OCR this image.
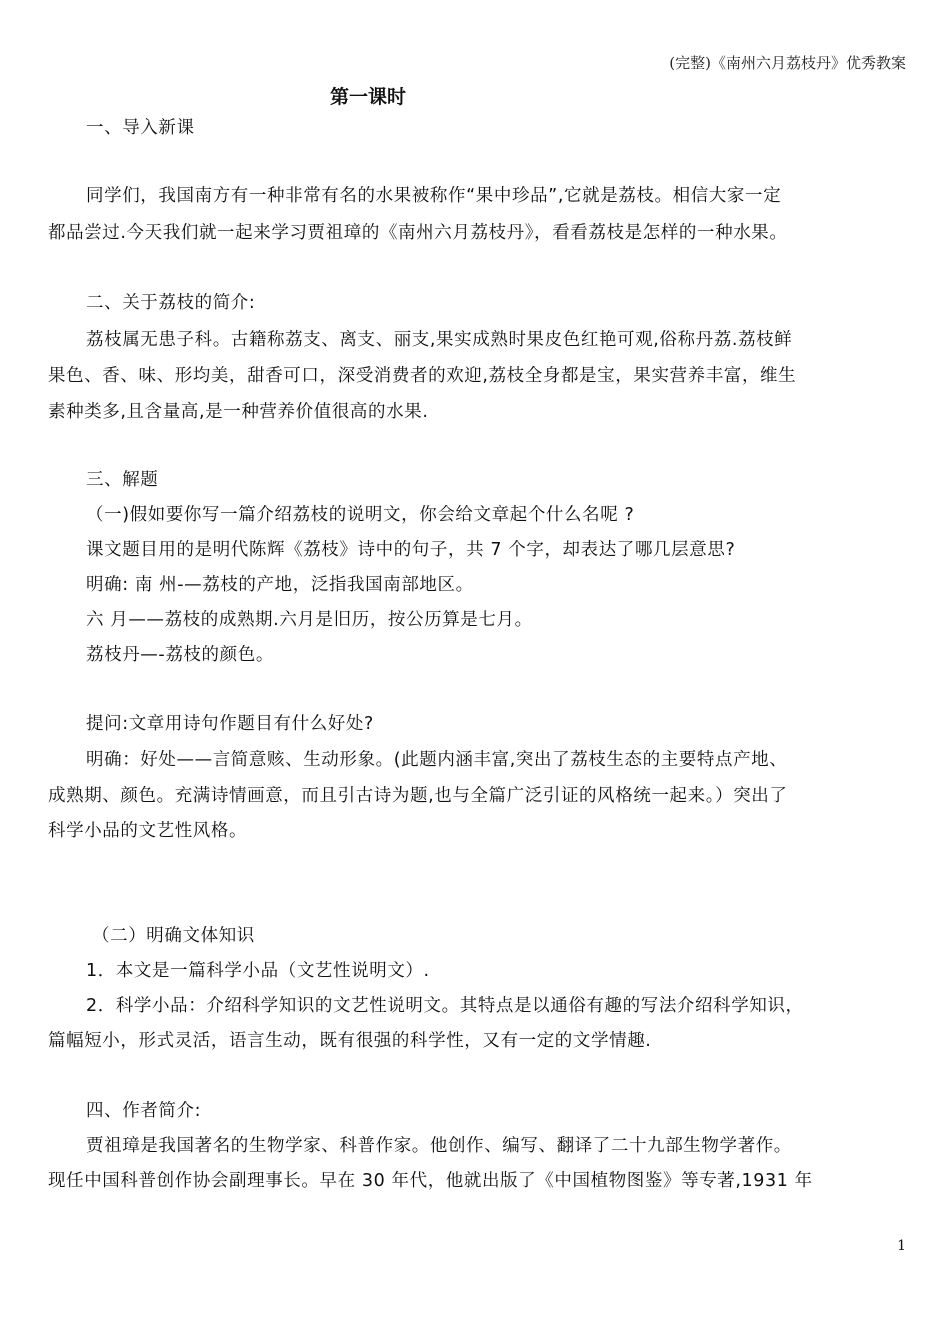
(完整)《南州六月荔枝丹》优秀教案
第一课时
一、导入新课
同学们，我国南方有一种非常有名的水果被称作“果中珍品”,它就是荔枝。相信大家一定
都品尝过.今天我们就一起来学习贾祖璋的《南州六月荔枝丹》，看看荔枝是怎样的一种水果。
二、关于荔枝的简介:
荔枝属无患子科。古籍称荔支、离支、丽支,果实成熟时果皮色红艳可观,俗称丹荔.荔枝鲜
果色、香、味、形均美，甜香可口，深受消费者的欢迎,荔枝全身都是宝，果实营养丰富，维生
素种类多,且含量高,是一种营养价值很高的水果.
三、解题
（一)假如要你写一篇介绍荔枝的说明文，你会给文章起个什么名呢 ?
课文题目用的是明代陈辉《荔枝》诗中的句子，共 7 个字，却表达了哪几层意思?
明确: 南 州-—荔枝的产地，泛指我国南部地区。
六 月——荔枝的成熟期.六月是旧历，按公历算是七月。
荔枝丹—-荔枝的颜色。
提问:文章用诗句作题目有什么好处?
明确：好处——言简意赅、生动形象。(此题内涵丰富,突出了荔枝生态的主要特点产地、
成熟期、颜色。充满诗情画意，而且引古诗为题,也与全篇广泛引证的风格统一起来。）突出了
科学小品的文艺性风格。
（二）明确文体知识
1．本文是一篇科学小品（文艺性说明文）.
2．科学小品：介绍科学知识的文艺性说明文。其特点是以通俗有趣的写法介绍科学知识，
篇幅短小，形式灵活，语言生动，既有很强的科学性，又有一定的文学情趣.
四、作者简介:
贾祖璋是我国著名的生物学家、科普作家。他创作、编写、翻译了二十九部生物学著作。
现任中国科普创作协会副理事长。早在 30 年代，他就出版了《中国植物图鉴》等专著,1931 年
1
